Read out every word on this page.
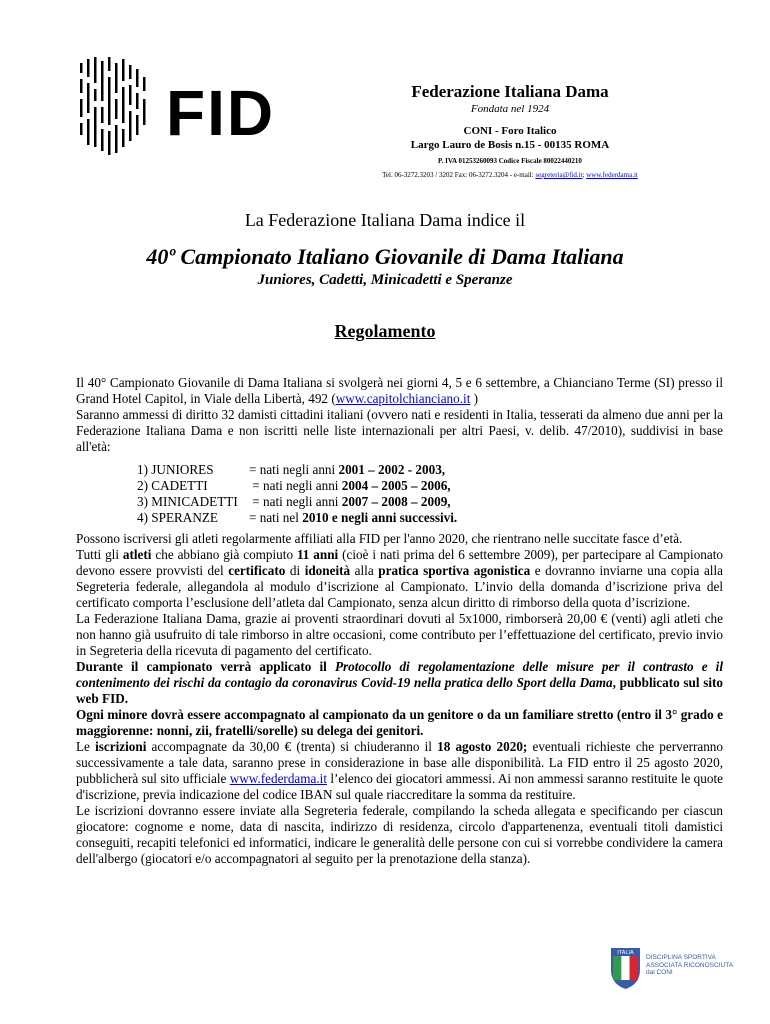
FID	Federazione Italiana Dama
Fondata nel 1924
CONI - Foro Italico
Largo Lauro de Bosis n.15 - 00135 ROMA
P. IVA 01253260093 Codice Fiscale 80022440210
Tel. 06-3272.3203 / 3202 Fax: 06-3272.3204 - e-mail: segreteria@fid.it; www.federdama.it
La Federazione Italiana Dama indice il
40º Campionato Italiano Giovanile di Dama Italiana
Juniores, Cadetti, Minicadetti e Speranze
Regolamento

Il 40° Campionato Giovanile di Dama Italiana si svolgerà nei giorni 4, 5 e 6 settembre, a Chianciano Terme (SI) presso il Grand Hotel Capitol, in Viale della Libertà, 492 (www.capitolchianciano.it )

Saranno ammessi di diritto 32 damisti cittadini italiani (ovvero nati e residenti in Italia, tesserati da almeno due anni per la Federazione Italiana Dama e non iscritti nelle liste internazionali per altri Paesi, v. delib. 47/2010), suddivisi in base all'età:

1) JUNIORES	= nati negli anni 2001 – 2002 - 2003,
2) CADETTI	= nati negli anni 2004 – 2005 – 2006,
3) MINICADETTI = nati negli anni 2007 – 2008 – 2009,
4) SPERANZE	= nati nel 2010 e negli anni successivi.

Possono iscriversi gli atleti regolarmente affiliati alla FID per l'anno 2020, che rientrano nelle succitate fasce d’età.

Tutti gli atleti che abbiano già compiuto 11 anni (cioè i nati prima del 6 settembre 2009), per partecipare al Campionato devono essere provvisti del certificato di idoneità alla pratica sportiva agonistica e dovranno inviarne una copia alla Segreteria federale, allegandola al modulo d’iscrizione al Campionato. L’invio della domanda d’iscrizione priva del certificato comporta l’esclusione dell’atleta dal Campionato, senza alcun diritto di rimborso della quota d’iscrizione.

La Federazione Italiana Dama, grazie ai proventi straordinari dovuti al 5x1000, rimborserà 20,00 € (venti) agli atleti che non hanno già usufruito di tale rimborso in altre occasioni, come contributo per l’effettuazione del certificato, previo invio in Segreteria della ricevuta di pagamento del certificato.

Durante il campionato verrà applicato il Protocollo di regolamentazione delle misure per il contrasto e il contenimento dei rischi da contagio da coronavirus Covid-19 nella pratica dello Sport della Dama, pubblicato sul sito web FID.

Ogni minore dovrà essere accompagnato al campionato da un genitore o da un familiare stretto (entro il 3° grado e maggiorenne: nonni, zii, fratelli/sorelle) su delega dei genitori.

Le iscrizioni accompagnate da 30,00 € (trenta) si chiuderanno il 18 agosto 2020; eventuali richieste che perverranno successivamente a tale data, saranno prese in considerazione in base alle disponibilità. La FID entro il 25 agosto 2020, pubblicherà sul sito ufficiale www.federdama.it l’elenco dei giocatori ammessi. Ai non ammessi saranno restituite le quote d'iscrizione, previa indicazione del codice IBAN sul quale riaccreditare la somma da restituire.

Le iscrizioni dovranno essere inviate alla Segreteria federale, compilando la scheda allegata e specificando per ciascun giocatore: cognome e nome, data di nascita, indirizzo di residenza, circolo d'appartenenza, eventuali titoli damistici conseguiti, recapiti telefonici ed informatici, indicare le generalità delle persone con cui si vorrebbe condividere la camera dell'albergo (giocatori e/o accompagnatori al seguito per la prenotazione della stanza).

ITALIA
DISCIPLINA SPORTIVA
ASSOCIATA RICONOSCIUTA
dal CONI
